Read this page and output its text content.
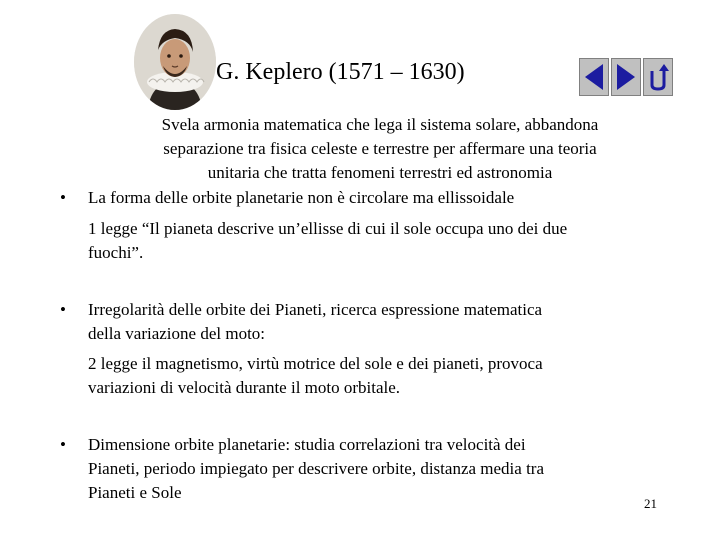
G. Keplero (1571 – 1630)
Svela armonia matematica che lega il sistema solare, abbandona
separazione tra fisica celeste e terrestre per affermare una teoria
unitaria che tratta fenomeni terrestri ed astronomia
• La forma delle orbite planetarie non è circolare ma ellissoidale
1 legge “Il pianeta descrive un’ellisse di cui il sole occupa uno dei due
fuochi”.
• Irregolarità delle orbite dei Pianeti, ricerca espressione matematica
della variazione del moto:
2 legge il magnetismo, virtù motrice del sole e dei pianeti, provoca
variazioni di velocità durante il moto orbitale.
• Dimensione orbite planetarie: studia correlazioni tra velocità dei
Pianeti, periodo impiegato per descrivere orbite, distanza media tra
Pianeti e Sole
21
